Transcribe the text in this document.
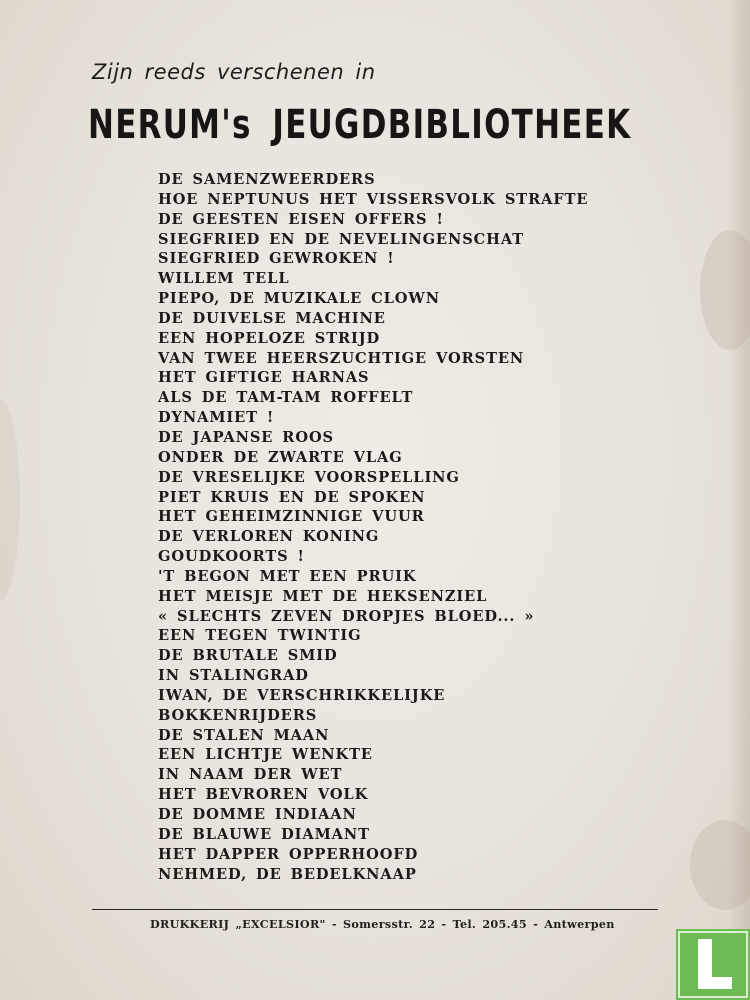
Zijn reeds verschenen in
NERUM's JEUGDBIBLIOTHEEK
DE SAMENZWEERDERS
HOE NEPTUNUS HET VISSERSVOLK STRAFTE
DE GEESTEN EISEN OFFERS !
SIEGFRIED EN DE NEVELINGENSCHAT
SIEGFRIED GEWROKEN !
WILLEM TELL
PIEPO, DE MUZIKALE CLOWN
DE DUIVELSE MACHINE
EEN HOPELOZE STRIJD
VAN TWEE HEERSZUCHTIGE VORSTEN
HET GIFTIGE HARNAS
ALS DE TAM-TAM ROFFELT
DYNAMIET !
DE JAPANSE ROOS
ONDER DE ZWARTE VLAG
DE VRESELIJKE VOORSPELLING
PIET KRUIS EN DE SPOKEN
HET GEHEIMZINNIGE VUUR
DE VERLOREN KONING
GOUDKOORTS !
'T BEGON MET EEN PRUIK
HET MEISJE MET DE HEKSENZIEL
« SLECHTS ZEVEN DROPJES BLOED... »
EEN TEGEN TWINTIG
DE BRUTALE SMID
IN STALINGRAD
IWAN, DE VERSCHRIKKELIJKE
BOKKENRIJDERS
DE STALEN MAAN
EEN LICHTJE WENKTE
IN NAAM DER WET
HET BEVROREN VOLK
DE DOMME INDIAAN
DE BLAUWE DIAMANT
HET DAPPER OPPERHOOFD
NEHMED, DE BEDELKNAAP
DRUKKERIJ „EXCELSIOR" - Somersstr. 22 - Tel. 205.45 - Antwerpen
